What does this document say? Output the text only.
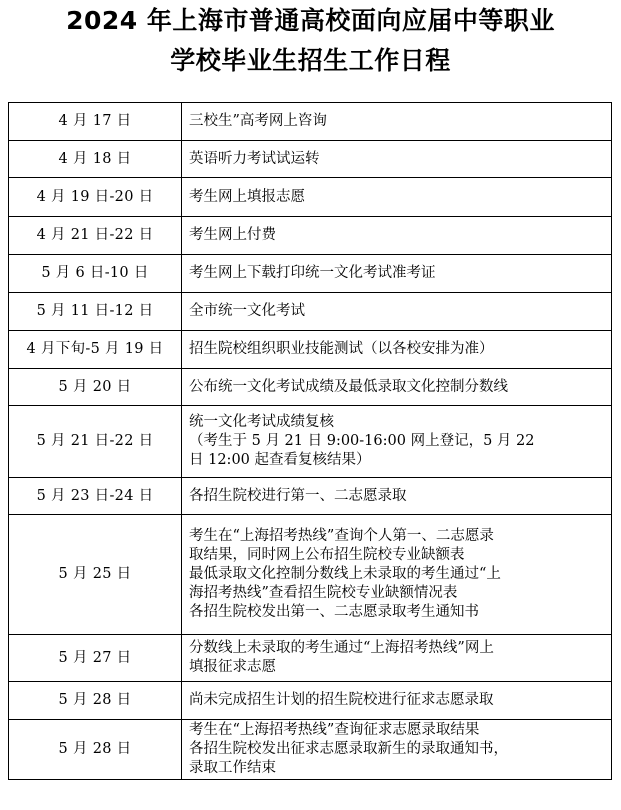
2024 年上海市普通高校面向应届中等职业
学校毕业生招生工作日程
4 月 17 日	三校生”高考网上咨询

4 月 18 日	英语听力考试试运转

4 月 19 日-20 日	考生网上填报志愿

4 月 21 日-22 日	考生网上付费

5 月 6 日-10 日	考生网上下载打印统一文化考试准考证

5 月 11 日-12 日	全市统一文化考试

4 月下旬-5 月 19 日	招生院校组织职业技能测试（以各校安排为准）

5 月 20 日	公布统一文化考试成绩及最低录取文化控制分数线

5 月 21 日-22 日	统一文化考试成绩复核
（考生于 5 月 21 日 9:00-16:00 网上登记，5 月 22
日 12:00 起查看复核结果）

5 月 23 日-24 日	各招生院校进行第一、二志愿录取

5 月 25 日	考生在“上海招考热线”查询个人第一、二志愿录
取结果，同时网上公布招生院校专业缺额表
最低录取文化控制分数线上未录取的考生通过“上
海招考热线”查看招生院校专业缺额情况表
各招生院校发出第一、二志愿录取考生通知书

5 月 27 日	分数线上未录取的考生通过“上海招考热线”网上
填报征求志愿

5 月 28 日	尚未完成招生计划的招生院校进行征求志愿录取

5 月 28 日	考生在“上海招考热线”查询征求志愿录取结果
各招生院校发出征求志愿录取新生的录取通知书，
录取工作结束
